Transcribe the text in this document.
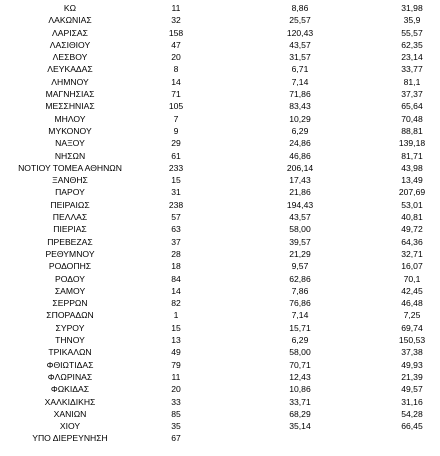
ΚΩ	11	8,86	31,98
ΛΑΚΩΝΙΑΣ	32	25,57	35,9
ΛΑΡΙΣΑΣ	158	120,43	55,57
ΛΑΣΙΘΙΟΥ	47	43,57	62,35
ΛΕΣΒΟΥ	20	31,57	23,14
ΛΕΥΚΑΔΑΣ	8	6,71	33,77
ΛΗΜΝΟΥ	14	7,14	81,1
ΜΑΓΝΗΣΙΑΣ	71	71,86	37,37
ΜΕΣΣΗΝΙΑΣ	105	83,43	65,64
ΜΗΛΟΥ	7	10,29	70,48
ΜΥΚΟΝΟΥ	9	6,29	88,81
ΝΑΞΟΥ	29	24,86	139,18
ΝΗΣΩΝ	61	46,86	81,71
ΝΟΤΙΟΥ ΤΟΜΕΑ ΑΘΗΝΩΝ	233	206,14	43,98
ΞΑΝΘΗΣ	15	17,43	13,49
ΠΑΡΟΥ	31	21,86	207,69
ΠΕΙΡΑΙΩΣ	238	194,43	53,01
ΠΕΛΛΑΣ	57	43,57	40,81
ΠΙΕΡΙΑΣ	63	58,00	49,72
ΠΡΕΒΕΖΑΣ	37	39,57	64,36
ΡΕΘΥΜΝΟΥ	28	21,29	32,71
ΡΟΔΟΠΗΣ	18	9,57	16,07
ΡΟΔΟΥ	84	62,86	70,1
ΣΑΜΟΥ	14	7,86	42,45
ΣΕΡΡΩΝ	82	76,86	46,48
ΣΠΟΡΑΔΩΝ	1	7,14	7,25
ΣΥΡΟΥ	15	15,71	69,74
ΤΗΝΟΥ	13	6,29	150,53
ΤΡΙΚΑΛΩΝ	49	58,00	37,38
ΦΘΙΩΤΙΔΑΣ	79	70,71	49,93
ΦΛΩΡΙΝΑΣ	11	12,43	21,39
ΦΩΚΙΔΑΣ	20	10,86	49,57
ΧΑΛΚΙΔΙΚΗΣ	33	33,71	31,16
ΧΑΝΙΩΝ	85	68,29	54,28
ΧΙΟΥ	35	35,14	66,45
ΥΠΟ ΔΙΕΡΕΥΝΗΣΗ	67
